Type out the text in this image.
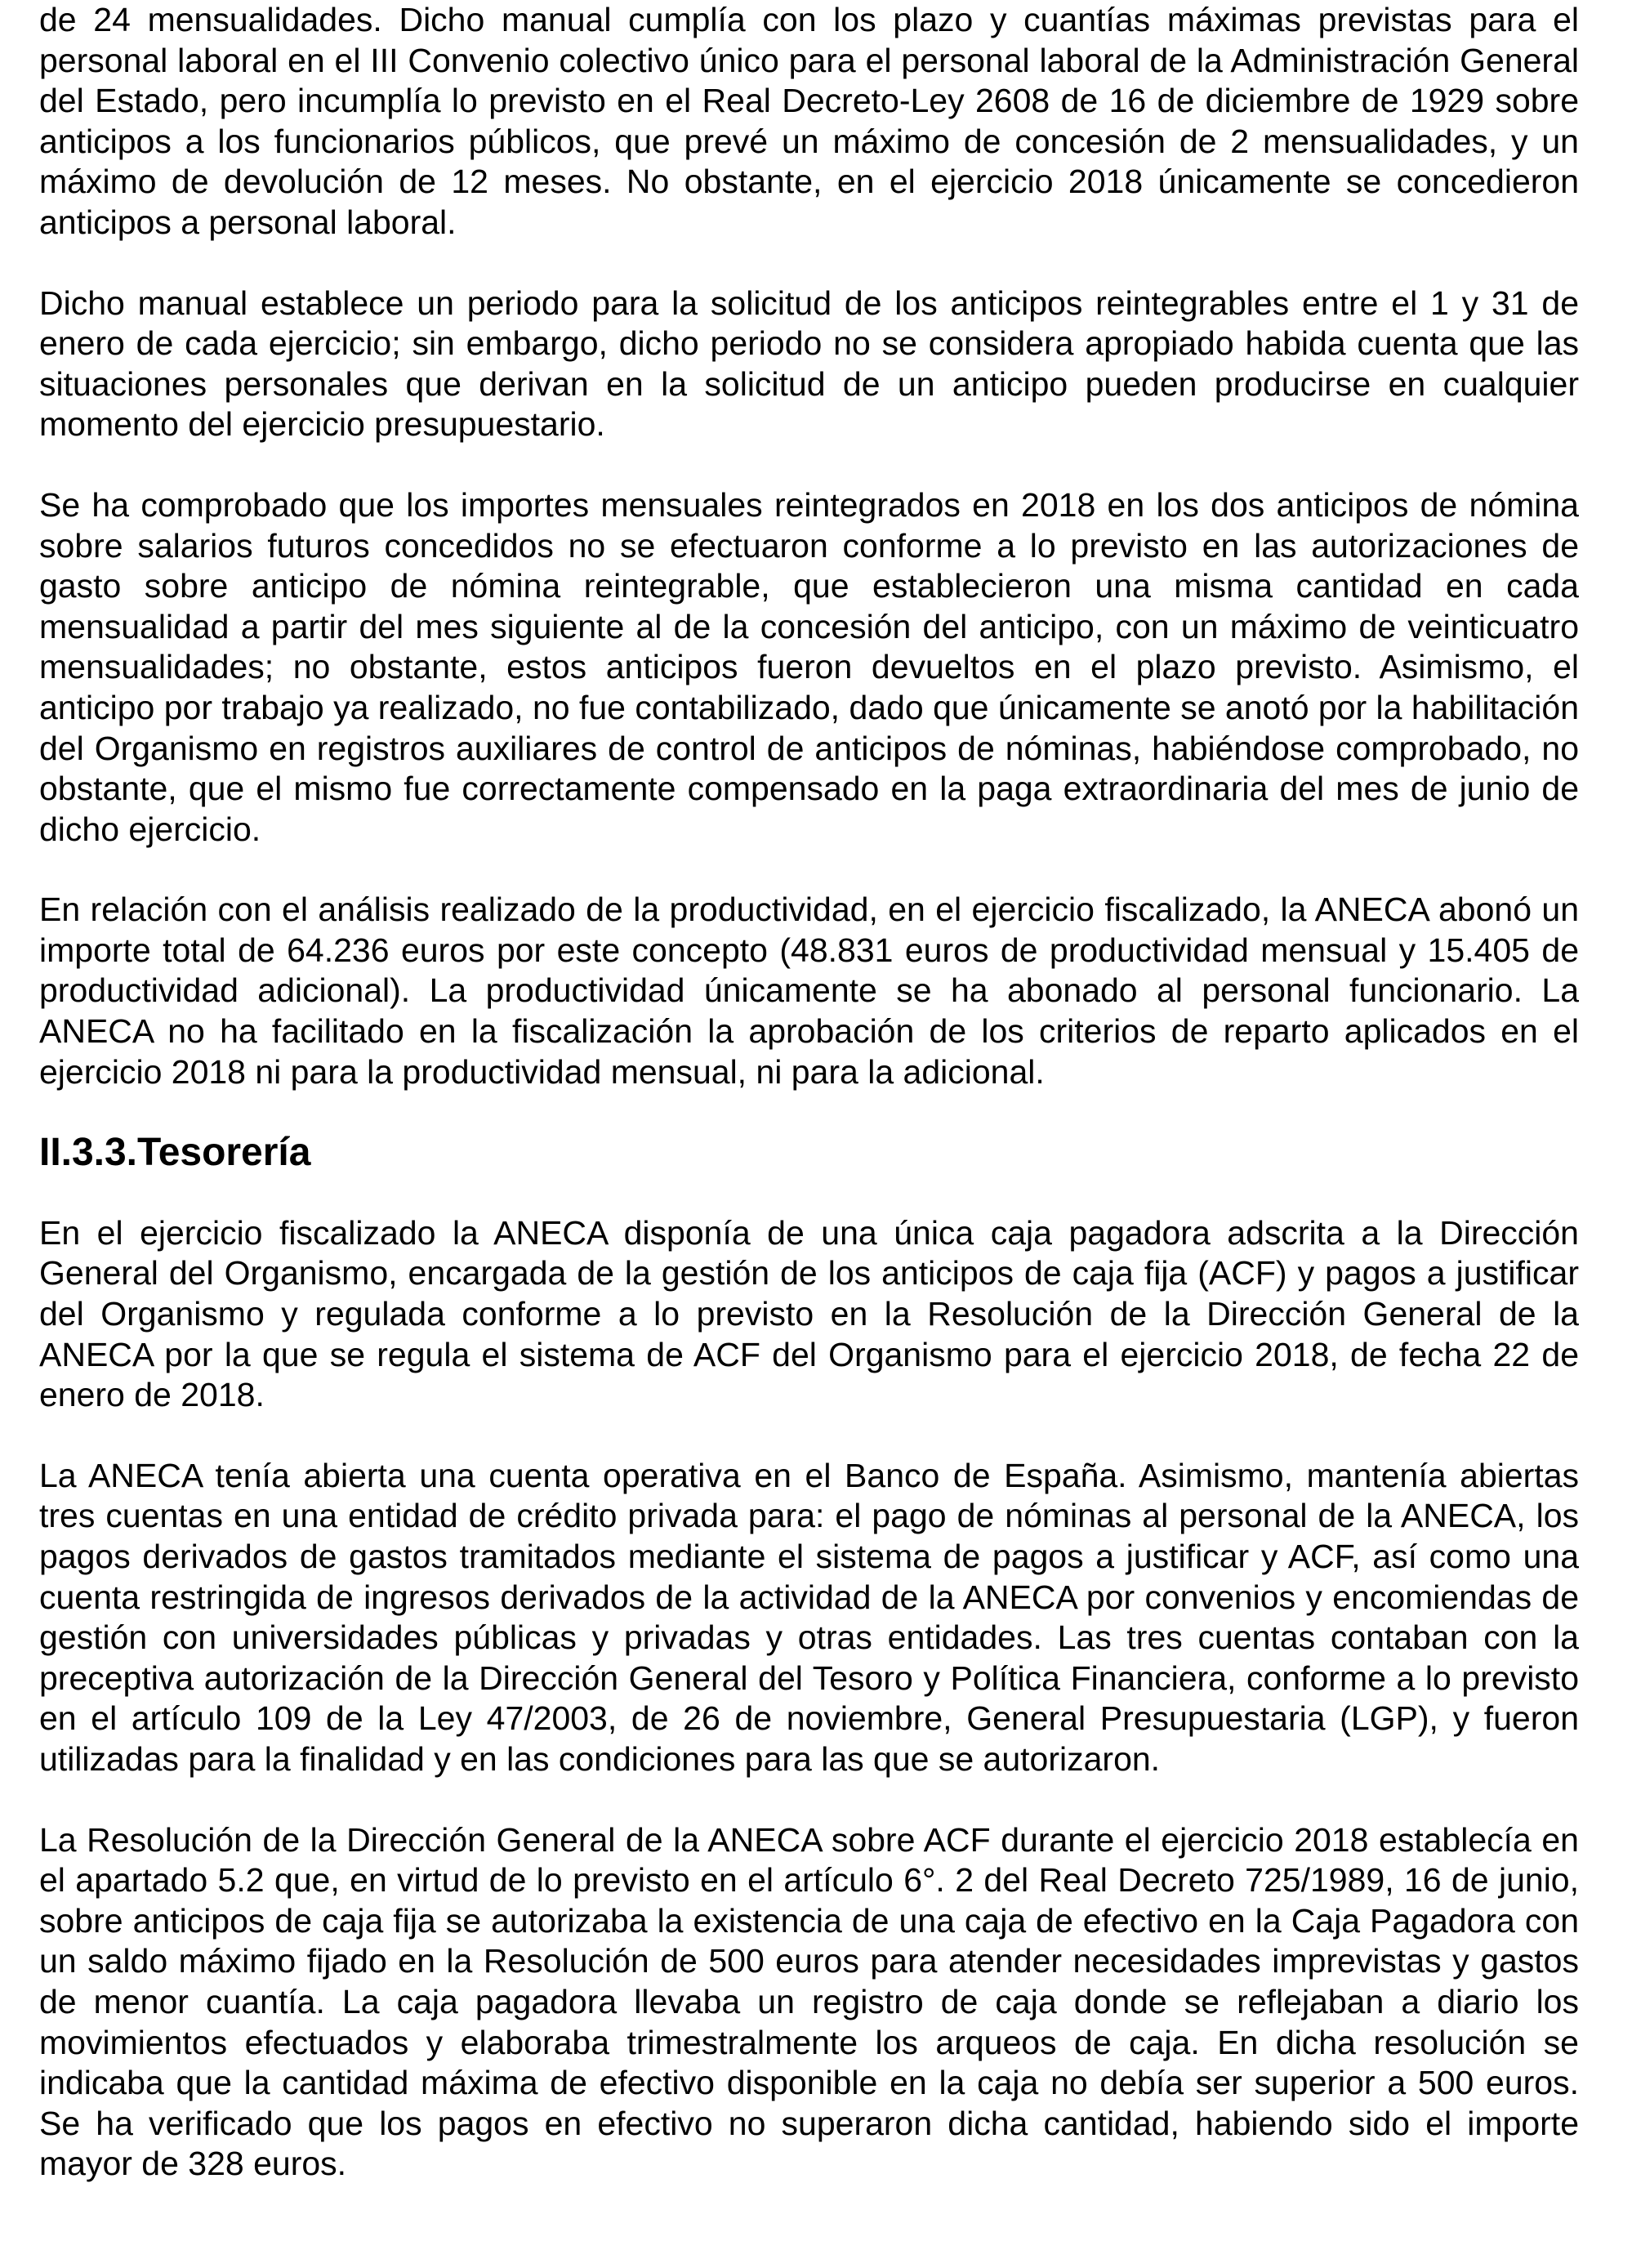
de 24 mensualidades. Dicho manual cumplía con los plazo y cuantías máximas previstas para el personal laboral en el III Convenio colectivo único para el personal laboral de la Administración General del Estado, pero incumplía lo previsto en el Real Decreto-Ley 2608 de 16 de diciembre de 1929 sobre anticipos a los funcionarios públicos, que prevé un máximo de concesión de 2 mensualidades, y un máximo de devolución de 12 meses. No obstante, en el ejercicio 2018 únicamente se concedieron anticipos a personal laboral.

Dicho manual establece un periodo para la solicitud de los anticipos reintegrables entre el 1 y 31 de enero de cada ejercicio; sin embargo, dicho periodo no se considera apropiado habida cuenta que las situaciones personales que derivan en la solicitud de un anticipo pueden producirse en cualquier momento del ejercicio presupuestario.

Se ha comprobado que los importes mensuales reintegrados en 2018 en los dos anticipos de nómina sobre salarios futuros concedidos no se efectuaron conforme a lo previsto en las autorizaciones de gasto sobre anticipo de nómina reintegrable, que establecieron una misma cantidad en cada mensualidad a partir del mes siguiente al de la concesión del anticipo, con un máximo de veinticuatro mensualidades; no obstante, estos anticipos fueron devueltos en el plazo previsto. Asimismo, el anticipo por trabajo ya realizado, no fue contabilizado, dado que únicamente se anotó por la habilitación del Organismo en registros auxiliares de control de anticipos de nóminas, habiéndose comprobado, no obstante, que el mismo fue correctamente compensado en la paga extraordinaria del mes de junio de dicho ejercicio.

En relación con el análisis realizado de la productividad, en el ejercicio fiscalizado, la ANECA abonó un importe total de 64.236 euros por este concepto (48.831 euros de productividad mensual y 15.405 de productividad adicional). La productividad únicamente se ha abonado al personal funcionario. La ANECA no ha facilitado en la fiscalización la aprobación de los criterios de reparto aplicados en el ejercicio 2018 ni para la productividad mensual, ni para la adicional.

II.3.3.Tesorería

En el ejercicio fiscalizado la ANECA disponía de una única caja pagadora adscrita a la Dirección General del Organismo, encargada de la gestión de los anticipos de caja fija (ACF) y pagos a justificar del Organismo y regulada conforme a lo previsto en la Resolución de la Dirección General de la ANECA por la que se regula el sistema de ACF del Organismo para el ejercicio 2018, de fecha 22 de enero de 2018.

La ANECA tenía abierta una cuenta operativa en el Banco de España. Asimismo, mantenía abiertas tres cuentas en una entidad de crédito privada para: el pago de nóminas al personal de la ANECA, los pagos derivados de gastos tramitados mediante el sistema de pagos a justificar y ACF, así como una cuenta restringida de ingresos derivados de la actividad de la ANECA por convenios y encomiendas de gestión con universidades públicas y privadas y otras entidades. Las tres cuentas contaban con la preceptiva autorización de la Dirección General del Tesoro y Política Financiera, conforme a lo previsto en el artículo 109 de la Ley 47/2003, de 26 de noviembre, General Presupuestaria (LGP), y fueron utilizadas para la finalidad y en las condiciones para las que se autorizaron.

La Resolución de la Dirección General de la ANECA sobre ACF durante el ejercicio 2018 establecía en el apartado 5.2 que, en virtud de lo previsto en el artículo 6°. 2 del Real Decreto 725/1989, 16 de junio, sobre anticipos de caja fija se autorizaba la existencia de una caja de efectivo en la Caja Pagadora con un saldo máximo fijado en la Resolución de 500 euros para atender necesidades imprevistas y gastos de menor cuantía. La caja pagadora llevaba un registro de caja donde se reflejaban a diario los movimientos efectuados y elaboraba trimestralmente los arqueos de caja. En dicha resolución se indicaba que la cantidad máxima de efectivo disponible en la caja no debía ser superior a 500 euros. Se ha verificado que los pagos en efectivo no superaron dicha cantidad, habiendo sido el importe mayor de 328 euros.
